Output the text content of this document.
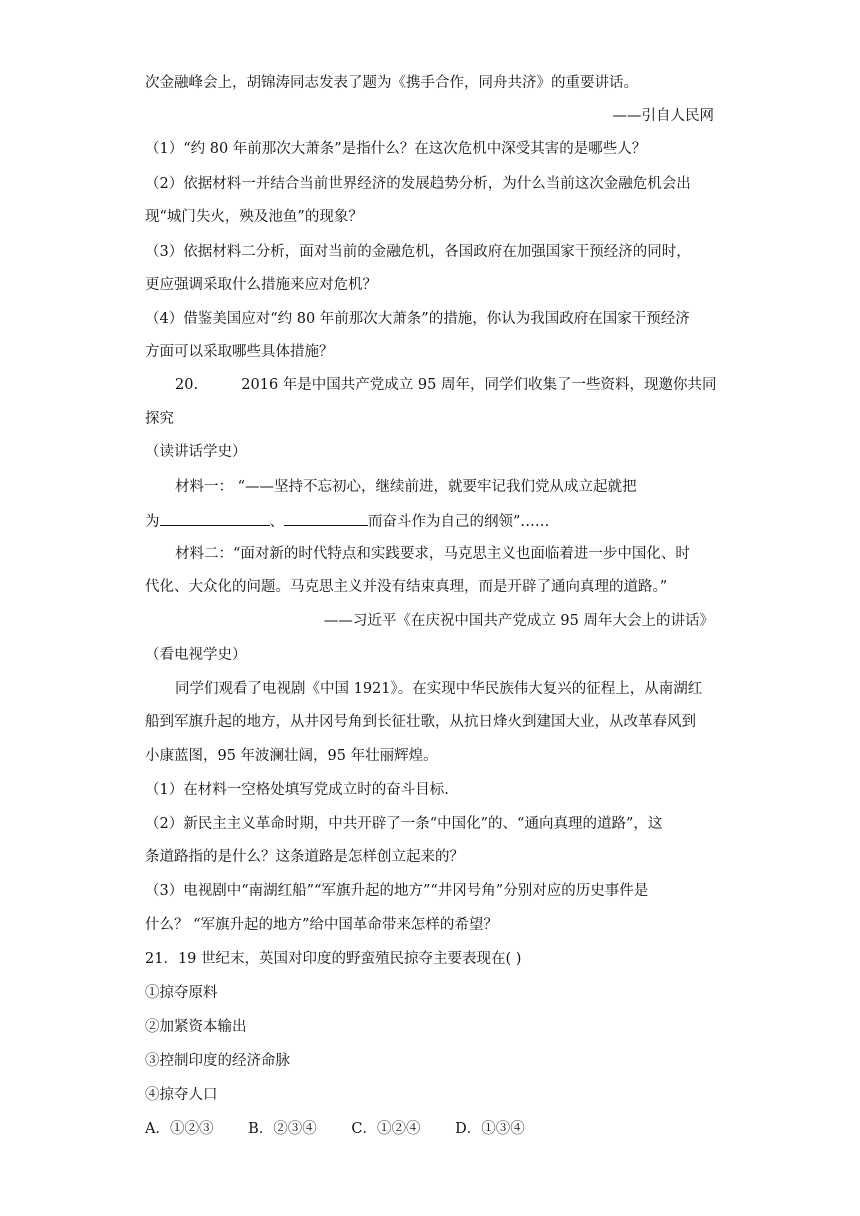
次金融峰会上，胡锦涛同志发表了题为《携手合作，同舟共济》的重要讲话。
——引自人民网
（1）“约 80 年前那次大萧条”是指什么？在这次危机中深受其害的是哪些人？
（2）依据材料一并结合当前世界经济的发展趋势分析，为什么当前这次金融危机会出
现“城门失火，殃及池鱼”的现象？
（3）依据材料二分析，面对当前的金融危机，各国政府在加强国家干预经济的同时，
更应强调采取什么措施来应对危机？
（4）借鉴美国应对“约 80 年前那次大萧条”的措施，你认为我国政府在国家干预经济
方面可以采取哪些具体措施？
20.	2016 年是中国共产党成立 95 周年，同学们收集了一些资料，现邀你共同
探究
（读讲话学史）
材料一： “——坚持不忘初心，继续前进，就要牢记我们党从成立起就把
为	、	而奋斗作为自己的纲领”……
材料二：“面对新的时代特点和实践要求，马克思主义也面临着进一步中国化、时
代化、大众化的问题。马克思主义并没有结束真理，而是开辟了通向真理的道路。”
——习近平《在庆祝中国共产党成立 95 周年大会上的讲话》
（看电视学史）
同学们观看了电视剧《中国 1921》。在实现中华民族伟大复兴的征程上，从南湖红
船到军旗升起的地方，从井冈号角到长征壮歌，从抗日烽火到建国大业，从改革春风到
小康蓝图，95 年波澜壮阔，95 年壮丽辉煌。
（1）在材料一空格处填写党成立时的奋斗目标.
（2）新民主主义革命时期，中共开辟了一条“中国化”的、“通向真理的道路”，这
条道路指的是什么？这条道路是怎样创立起来的？
（3）电视剧中“南湖红船”“军旗升起的地方”“井冈号角”分别对应的历史事件是
什么？ “军旗升起的地方”给中国革命带来怎样的希望？
21．19 世纪末，英国对印度的野蛮殖民掠夺主要表现在( )
①掠夺原料
②加紧资本输出
③控制印度的经济命脉
④掠夺人口
A．①②③ B．②③④ C．①②④ D．①③④
